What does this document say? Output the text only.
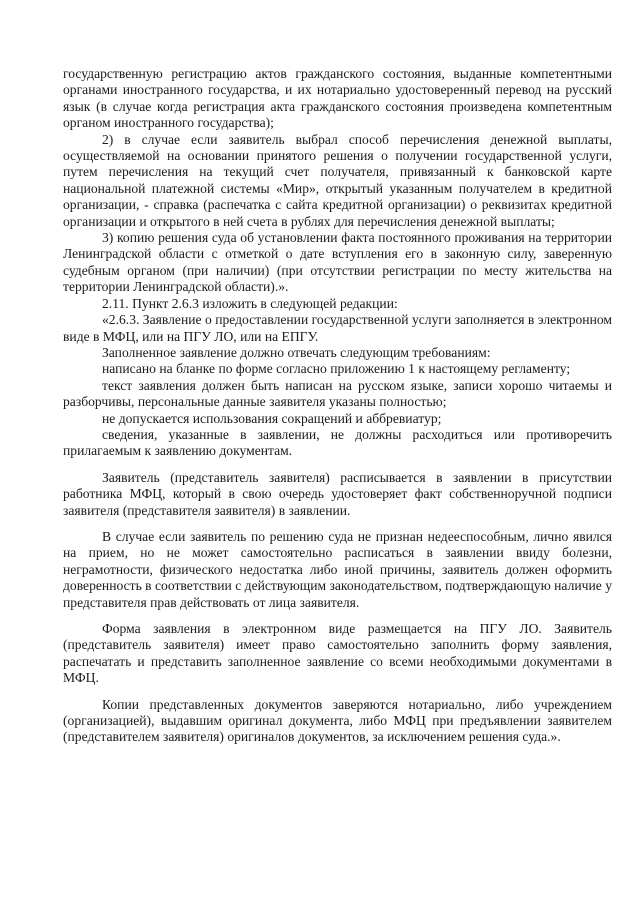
государственную регистрацию актов гражданского состояния, выданные компетентными органами иностранного государства, и их нотариально удостоверенный перевод на русский язык (в случае когда регистрация акта гражданского состояния произведена компетентным органом иностранного государства);

2) в случае если заявитель выбрал способ перечисления денежной выплаты, осуществляемой на основании принятого решения о получении государственной услуги, путем перечисления на текущий счет получателя, привязанный к банковской карте национальной платежной системы «Мир», открытый указанным получателем в кредитной организации, - справка (распечатка с сайта кредитной организации) о реквизитах кредитной организации и открытого в ней счета в рублях для перечисления денежной выплаты;

3) копию решения суда об установлении факта постоянного проживания на территории Ленинградской области с отметкой о дате вступления его в законную силу, заверенную судебным органом (при наличии) (при отсутствии регистрации по месту жительства на территории Ленинградской области).».

2.11. Пункт 2.6.3 изложить в следующей редакции:

«2.6.3. Заявление о предоставлении государственной услуги заполняется в электронном виде в МФЦ, или на ПГУ ЛО, или на ЕПГУ.

Заполненное заявление должно отвечать следующим требованиям:

написано на бланке по форме согласно приложению 1 к настоящему регламенту;

текст заявления должен быть написан на русском языке, записи хорошо читаемы и разборчивы, персональные данные заявителя указаны полностью;

не допускается использования сокращений и аббревиатур;

сведения, указанные в заявлении, не должны расходиться или противоречить прилагаемым к заявлению документам.

Заявитель (представитель заявителя) расписывается в заявлении в присутствии работника МФЦ, который в свою очередь удостоверяет факт собственноручной подписи заявителя (представителя заявителя) в заявлении.

В случае если заявитель по решению суда не признан недееспособным, лично явился на прием, но не может самостоятельно расписаться в заявлении ввиду болезни, неграмотности, физического недостатка либо иной причины, заявитель должен оформить доверенность в соответствии с действующим законодательством, подтверждающую наличие у представителя прав действовать от лица заявителя.

Форма заявления в электронном виде размещается на ПГУ ЛО. Заявитель (представитель заявителя) имеет право самостоятельно заполнить форму заявления, распечатать и представить заполненное заявление со всеми необходимыми документами в МФЦ.

Копии представленных документов заверяются нотариально, либо учреждением (организацией), выдавшим оригинал документа, либо МФЦ при предъявлении заявителем (представителем заявителя) оригиналов документов, за исключением решения суда.».
